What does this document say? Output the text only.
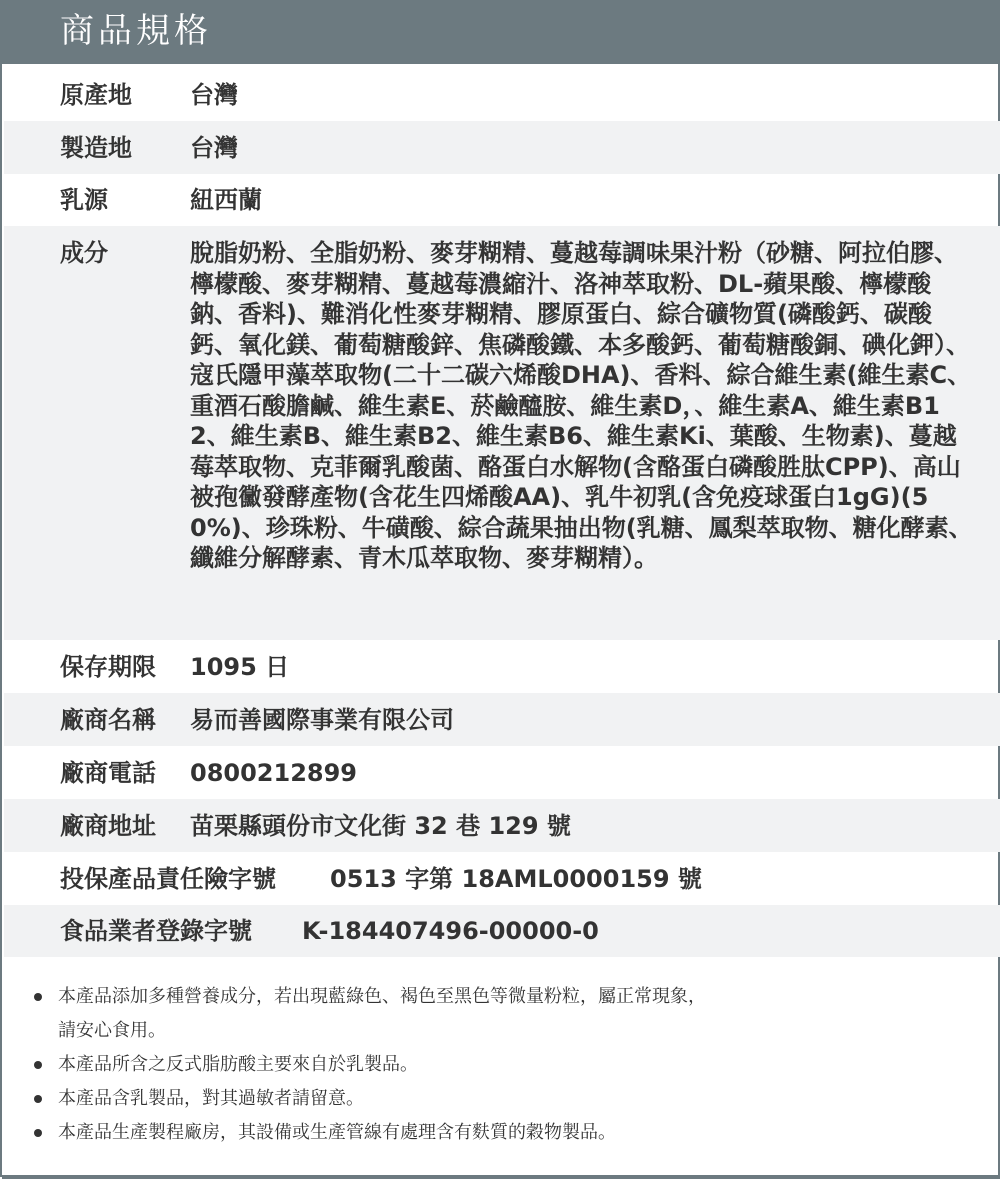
商品規格
原產地 台灣
製造地 台灣
乳源	紐西蘭
成分	脫脂奶粉、全脂奶粉、麥芽糊精、蔓越莓調味果汁粉（砂糖、阿拉伯膠、檸檬酸、麥芽糊精、蔓越莓濃縮汁、洛神萃取粉、DL-蘋果酸、檸檬酸鈉、香料)、難消化性麥芽糊精、膠原蛋白、綜合礦物質(磷酸鈣、碳酸鈣、氧化鎂、葡萄糖酸鋅、焦磷酸鐵、本多酸鈣、葡萄糖酸銅、碘化鉀）、寇氏隱甲藻萃取物(二十二碳六烯酸DHA)、香料、綜合維生素(維生素C、重酒石酸膽鹹、維生素E、菸鹼醯胺、維生素D，、維生素A、維生素B12、維生素B、維生素B2、維生素B6、維生素Ki、葉酸、生物素)、蔓越莓萃取物、克菲爾乳酸菌、酪蛋白水解物(含酪蛋白磷酸胜肽CPP)、高山被孢黴發酵產物(含花生四烯酸AA)、乳牛初乳(含免疫球蛋白1gG)(50%)、珍珠粉、牛磺酸、綜合蔬果抽出物(乳糖、鳳梨萃取物、糖化酵素、纖維分解酵素、青木瓜萃取物、麥芽糊精）。
保存期限 1095 日
廠商名稱 易而善國際事業有限公司
廠商電話 0800212899
廠商地址 苗栗縣頭份市文化街 32 巷 129 號
投保產品責任險字號 0513 字第 18AML0000159 號
食品業者登錄字號 K-184407496-00000-0
本產品添加多種營養成分，若出現藍綠色、褐色至黑色等微量粉粒，屬正常現象，
請安心食用。
本產品所含之反式脂肪酸主要來自於乳製品。
本產品含乳製品，對其過敏者請留意。
本產品生產製程廠房，其設備或生產管線有處理含有麩質的穀物製品。
